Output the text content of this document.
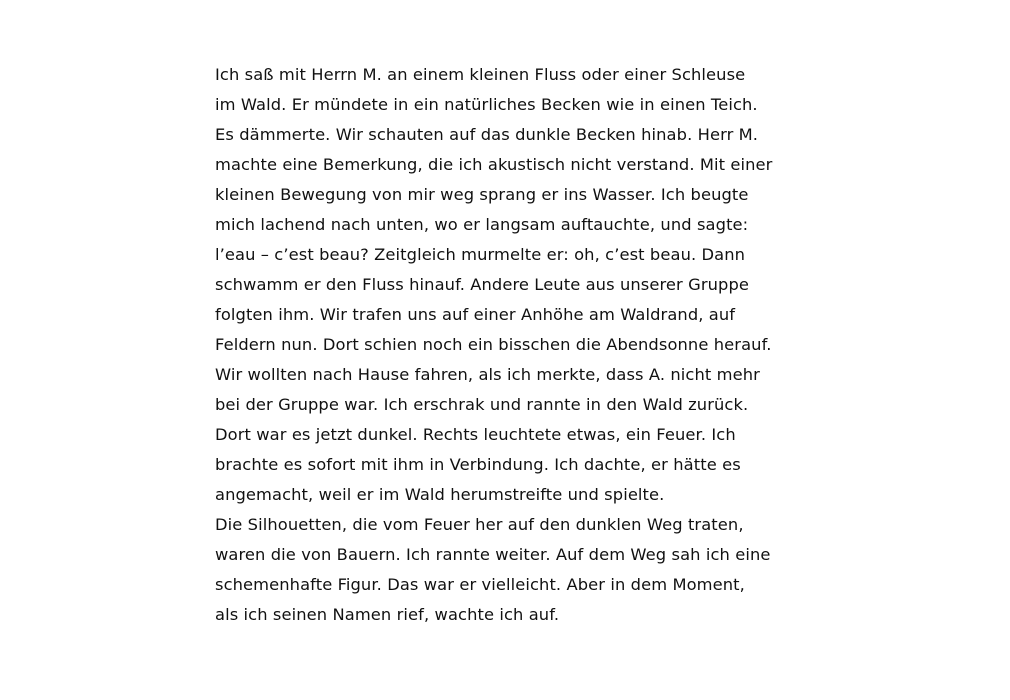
Ich saß mit Herrn M. an einem kleinen Fluss oder einer Schleuse
im Wald. Er mündete in ein natürliches Becken wie in einen Teich.
Es dämmerte. Wir schauten auf das dunkle Becken hinab. Herr M.
machte eine Bemerkung, die ich akustisch nicht verstand. Mit einer
kleinen Bewegung von mir weg sprang er ins Wasser. Ich beugte
mich lachend nach unten, wo er langsam auftauchte, und sagte:
l’eau – c’est beau? Zeitgleich murmelte er: oh, c’est beau. Dann
schwamm er den Fluss hinauf. Andere Leute aus unserer Gruppe
folgten ihm. Wir trafen uns auf einer Anhöhe am Waldrand, auf
Feldern nun. Dort schien noch ein bisschen die Abendsonne herauf.
Wir wollten nach Hause fahren, als ich merkte, dass A. nicht mehr
bei der Gruppe war. Ich erschrak und rannte in den Wald zurück.
Dort war es jetzt dunkel. Rechts leuchtete etwas, ein Feuer. Ich
brachte es sofort mit ihm in Verbindung. Ich dachte, er hätte es
angemacht, weil er im Wald herumstreifte und spielte.
Die Silhouetten, die vom Feuer her auf den dunklen Weg traten,
waren die von Bauern. Ich rannte weiter. Auf dem Weg sah ich eine
schemenhafte Figur. Das war er vielleicht. Aber in dem Moment,
als ich seinen Namen rief, wachte ich auf.
